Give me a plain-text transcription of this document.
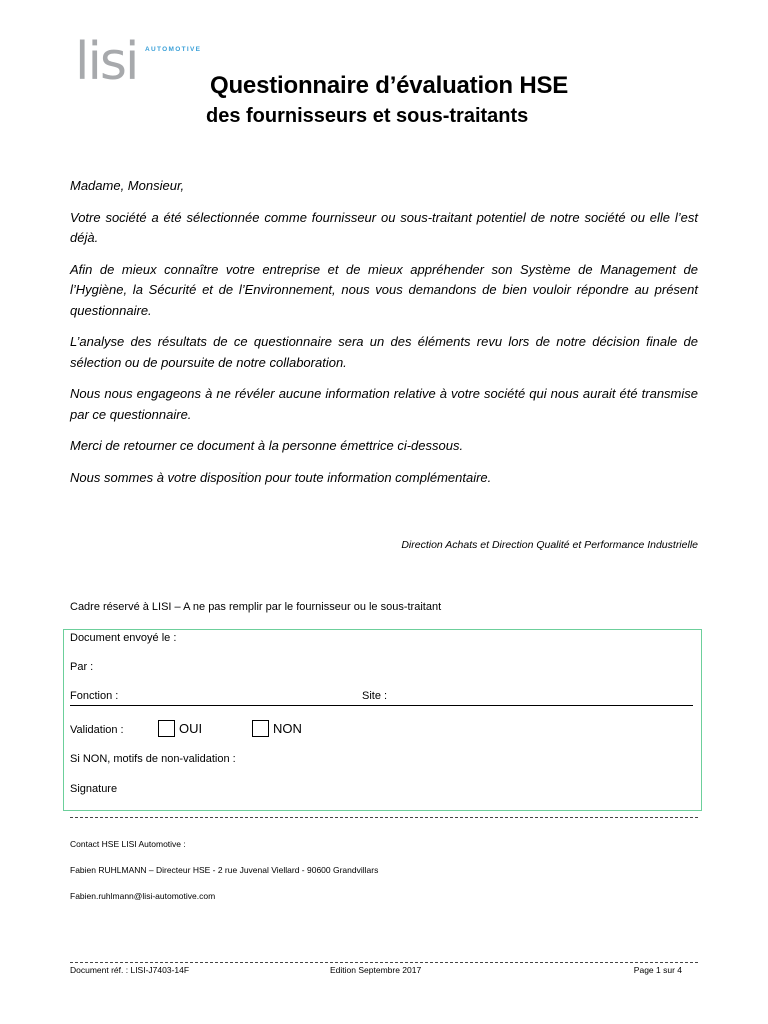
lisi AUTOMOTIVE
Questionnaire d’évaluation HSE
des fournisseurs et sous-traitants

Madame, Monsieur,

Votre société a été sélectionnée comme fournisseur ou sous-traitant potentiel de notre société ou elle l’est déjà.

Afin de mieux connaître votre entreprise et de mieux appréhender son Système de Management de l’Hygiène, la Sécurité et de l’Environnement, nous vous demandons de bien vouloir répondre au présent questionnaire.

L’analyse des résultats de ce questionnaire sera un des éléments revu lors de notre décision finale de sélection ou de poursuite de notre collaboration.

Nous nous engageons à ne révéler aucune information relative à votre société qui nous aurait été transmise par ce questionnaire.

Merci de retourner ce document à la personne émettrice ci-dessous.

Nous sommes à votre disposition pour toute information complémentaire.

Direction Achats et Direction Qualité et Performance Industrielle
Cadre réservé à LISI – A ne pas remplir par le fournisseur ou le sous-traitant
Document envoyé le :
Par :
Fonction :	Site :
Validation :	OUI	NON
Si NON, motifs de non-validation :
Signature
Contact HSE LISI Automotive :
Fabien RUHLMANN – Directeur HSE - 2 rue Juvenal Viellard - 90600 Grandvillars
Fabien.ruhlmann@lisi-automotive.com
Document réf. : LISI-J7403-14F	Edition Septembre 2017	Page 1 sur 4
